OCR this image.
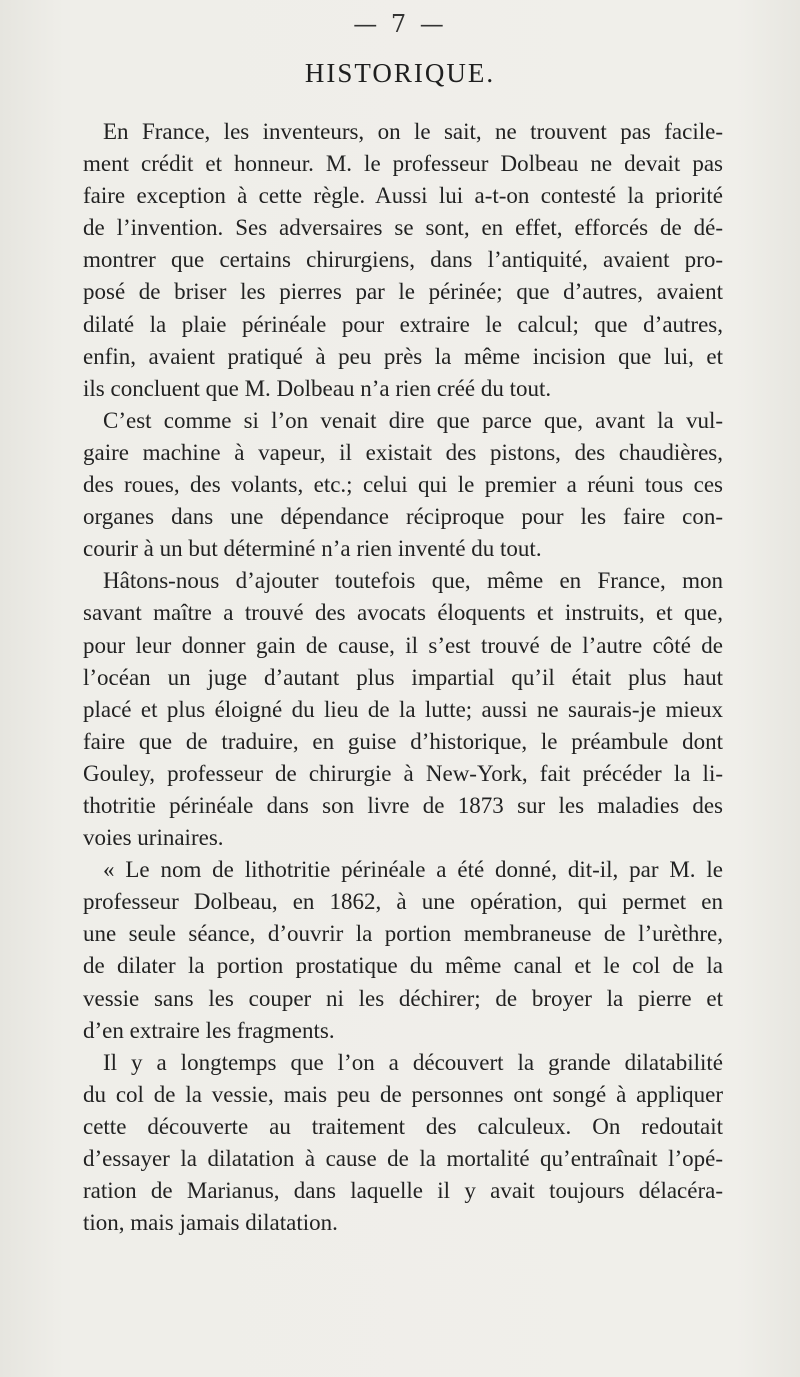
— 7 —
HISTORIQUE.
En France, les inventeurs, on le sait, ne trouvent pas facile-
ment crédit et honneur. M. le professeur Dolbeau ne devait pas
faire exception à cette règle. Aussi lui a-t-on contesté la priorité
de l’invention. Ses adversaires se sont, en effet, efforcés de dé-
montrer que certains chirurgiens, dans l’antiquité, avaient pro-
posé de briser les pierres par le périnée; que d’autres, avaient
dilaté la plaie périnéale pour extraire le calcul; que d’autres,
enfin, avaient pratiqué à peu près la même incision que lui, et
ils concluent que M. Dolbeau n’a rien créé du tout.
C’est comme si l’on venait dire que parce que, avant la vul-
gaire machine à vapeur, il existait des pistons, des chaudières,
des roues, des volants, etc.; celui qui le premier a réuni tous ces
organes dans une dépendance réciproque pour les faire con-
courir à un but déterminé n’a rien inventé du tout.
Hâtons-nous d’ajouter toutefois que, même en France, mon
savant maître a trouvé des avocats éloquents et instruits, et que,
pour leur donner gain de cause, il s’est trouvé de l’autre côté de
l’océan un juge d’autant plus impartial qu’il était plus haut
placé et plus éloigné du lieu de la lutte; aussi ne saurais-je mieux
faire que de traduire, en guise d’historique, le préambule dont
Gouley, professeur de chirurgie à New-York, fait précéder la li-
thotritie périnéale dans son livre de 1873 sur les maladies des
voies urinaires.
« Le nom de lithotritie périnéale a été donné, dit-il, par M. le
professeur Dolbeau, en 1862, à une opération, qui permet en
une seule séance, d’ouvrir la portion membraneuse de l’urèthre,
de dilater la portion prostatique du même canal et le col de la
vessie sans les couper ni les déchirer; de broyer la pierre et
d’en extraire les fragments.
Il y a longtemps que l’on a découvert la grande dilatabilité
du col de la vessie, mais peu de personnes ont songé à appliquer
cette découverte au traitement des calculeux. On redoutait
d’essayer la dilatation à cause de la mortalité qu’entraînait l’opé-
ration de Marianus, dans laquelle il y avait toujours délacéra-
tion, mais jamais dilatation.
